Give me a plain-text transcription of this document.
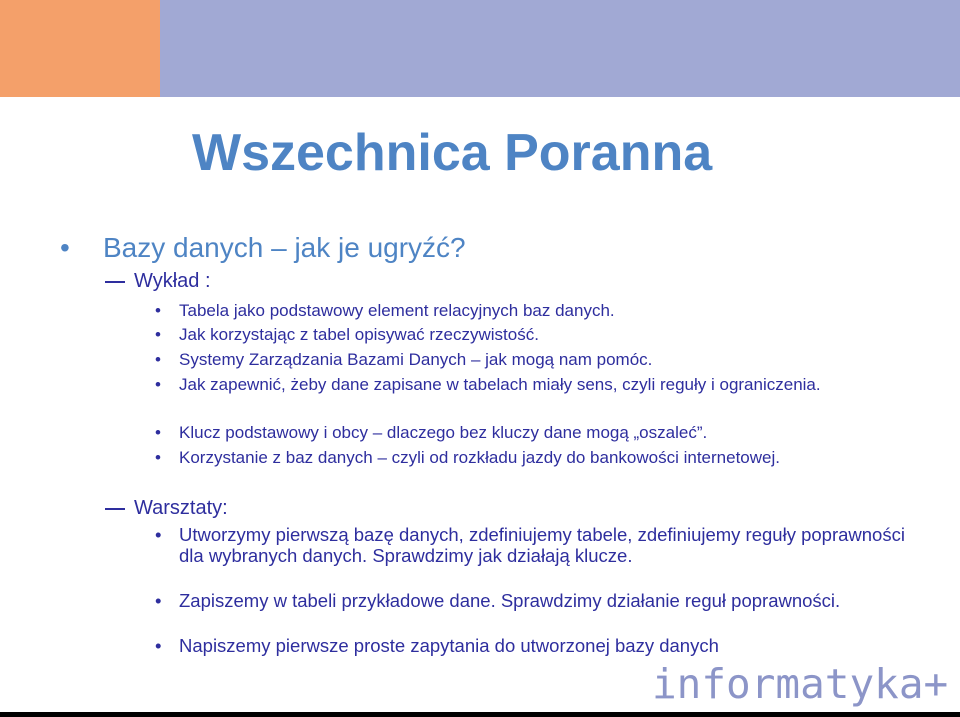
Wszechnica Poranna
• Bazy danych – jak je ugryźć?
Wykład :
• Tabela jako podstawowy element relacyjnych baz danych.
• Jak korzystając z tabel opisywać rzeczywistość.
• Systemy Zarządzania Bazami Danych – jak mogą nam pomóc.
• Jak zapewnić, żeby dane zapisane w tabelach miały sens, czyli reguły i ograniczenia.
• Klucz podstawowy i obcy – dlaczego bez kluczy dane mogą „oszaleć”.
• Korzystanie z baz danych – czyli od rozkładu jazdy do bankowości internetowej.
Warsztaty:
• Utworzymy pierwszą bazę danych, zdefiniujemy tabele, zdefiniujemy reguły poprawności dla wybranych danych. Sprawdzimy jak działają klucze.
• Zapiszemy w tabeli przykładowe dane. Sprawdzimy działanie reguł poprawności.
• Napiszemy pierwsze proste zapytania do utworzonej bazy danych
informatyka+
